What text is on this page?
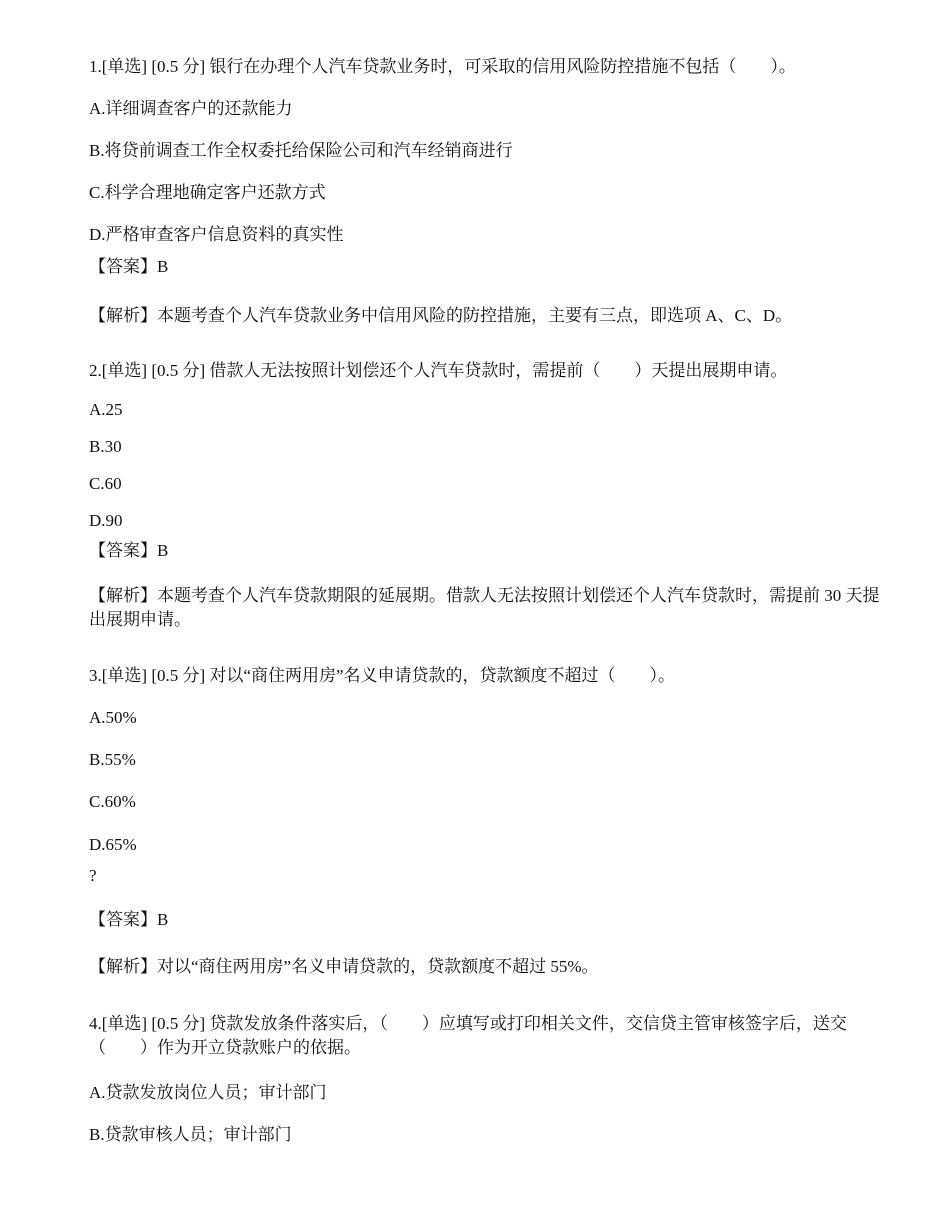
1.[单选] [0.5 分] 银行在办理个人汽车贷款业务时，可采取的信用风险防控措施不包括（　　）。
A.详细调查客户的还款能力
B.将贷前调查工作全权委托给保险公司和汽车经销商进行
C.科学合理地确定客户还款方式
D.严格审查客户信息资料的真实性
【答案】B
【解析】本题考查个人汽车贷款业务中信用风险的防控措施，主要有三点，即选项 A、C、D。
2.[单选] [0.5 分] 借款人无法按照计划偿还个人汽车贷款时，需提前（　　）天提出展期申请。
A.25
B.30
C.60
D.90
【答案】B
【解析】本题考查个人汽车贷款期限的延展期。借款人无法按照计划偿还个人汽车贷款时，需提前 30 天提出展期申请。
3.[单选] [0.5 分] 对以“商住两用房”名义申请贷款的，贷款额度不超过（　　）。
A.50%
B.55%
C.60%
D.65%
?
【答案】B
【解析】对以“商住两用房”名义申请贷款的，贷款额度不超过 55%。
4.[单选] [0.5 分] 贷款发放条件落实后，（　　）应填写或打印相关文件，交信贷主管审核签字后，送交（　　）作为开立贷款账户的依据。
A.贷款发放岗位人员；审计部门
B.贷款审核人员；审计部门
